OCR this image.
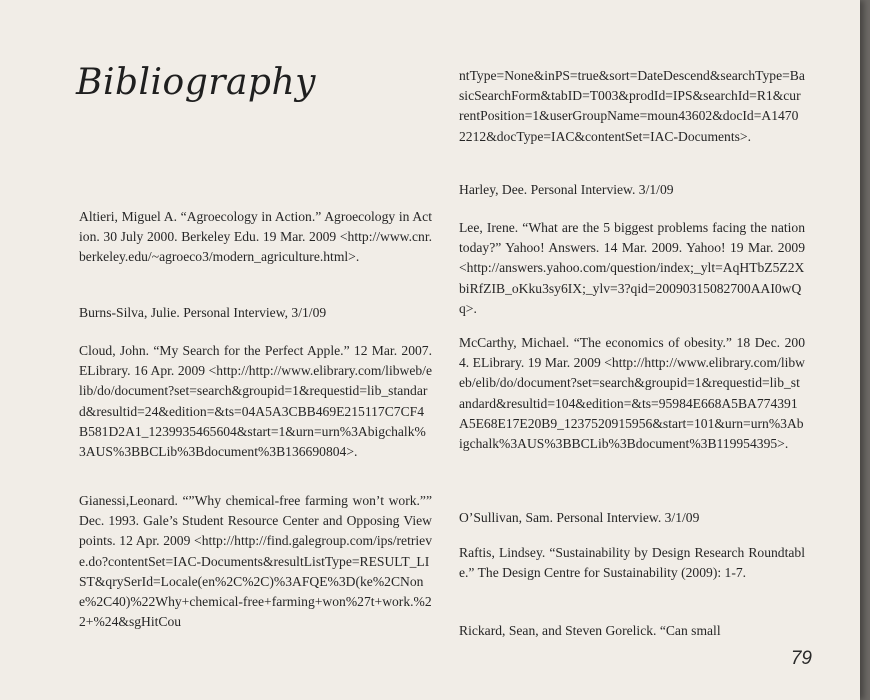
Bibliography

Altieri, Miguel A. “Agroecology in Action.” Agroecology in Action. 30 July 2000. Berkeley Edu. 19 Mar. 2009 <http://www.cnr.berkeley.edu/~agroeco3/modern_agriculture.html>.

Burns-Silva, Julie. Personal Interview, 3/1/09

Cloud, John. “My Search for the Perfect Apple.” 12 Mar. 2007. ELibrary. 16 Apr. 2009 <http://http://www.elibrary.com/libweb/elib/do/document?set=search&groupid=1&requestid=lib_standard&resultid=24&edition=&ts=04A5A3CBB469E215117C7CF4B581D2A1_1239935465604&start=1&urn=urn%3Abigchalk%3AUS%3BBCLib%3Bdocument%3B136690804>.

Gianessi,Leonard. “”Why chemical-free farming won’t work.”” Dec. 1993. Gale’s Student Resource Center and Opposing Viewpoints. 12 Apr. 2009 <http://http://find.galegroup.com/ips/retrieve.do?contentSet=IAC-Documents&resultListType=RESULT_LIST&qrySerId=Locale(en%2C%2C)%3AFQE%3D(ke%2CNone%2C40)%22Why+chemical-free+farming+won%27t+work.%22+%24&sgHitCou

ntType=None&inPS=true&sort=DateDescend&searchType=BasicSearchForm&tabID=T003&prodId=IPS&searchId=R1&currentPosition=1&userGroupName=moun43602&docId=A14702212&docType=IAC&contentSet=IAC-Documents>.

Harley, Dee. Personal Interview. 3/1/09

Lee, Irene. “What are the 5 biggest problems facing the nation today?” Yahoo! Answers. 14 Mar. 2009. Yahoo! 19 Mar. 2009 <http://answers.yahoo.com/question/index;_ylt=AqHTbZ5Z2XbiRfZIB_oKku3sy6IX;_ylv=3?qid=20090315082700AAI0wQq>.

McCarthy, Michael. “The economics of obesity.” 18 Dec. 2004. ELibrary. 19 Mar. 2009 <http://http://www.elibrary.com/libweb/elib/do/document?set=search&groupid=1&requestid=lib_standard&resultid=104&edition=&ts=95984E668A5BA774391A5E68E17E20B9_1237520915956&start=101&urn=urn%3Abigchalk%3AUS%3BBCLib%3Bdocument%3B119954395>.

O’Sullivan, Sam. Personal Interview. 3/1/09

Raftis, Lindsey. “Sustainability by Design Research Roundtable.” The Design Centre for Sustainability (2009): 1-7.

Rickard, Sean, and Steven Gorelick. “Can small

79
